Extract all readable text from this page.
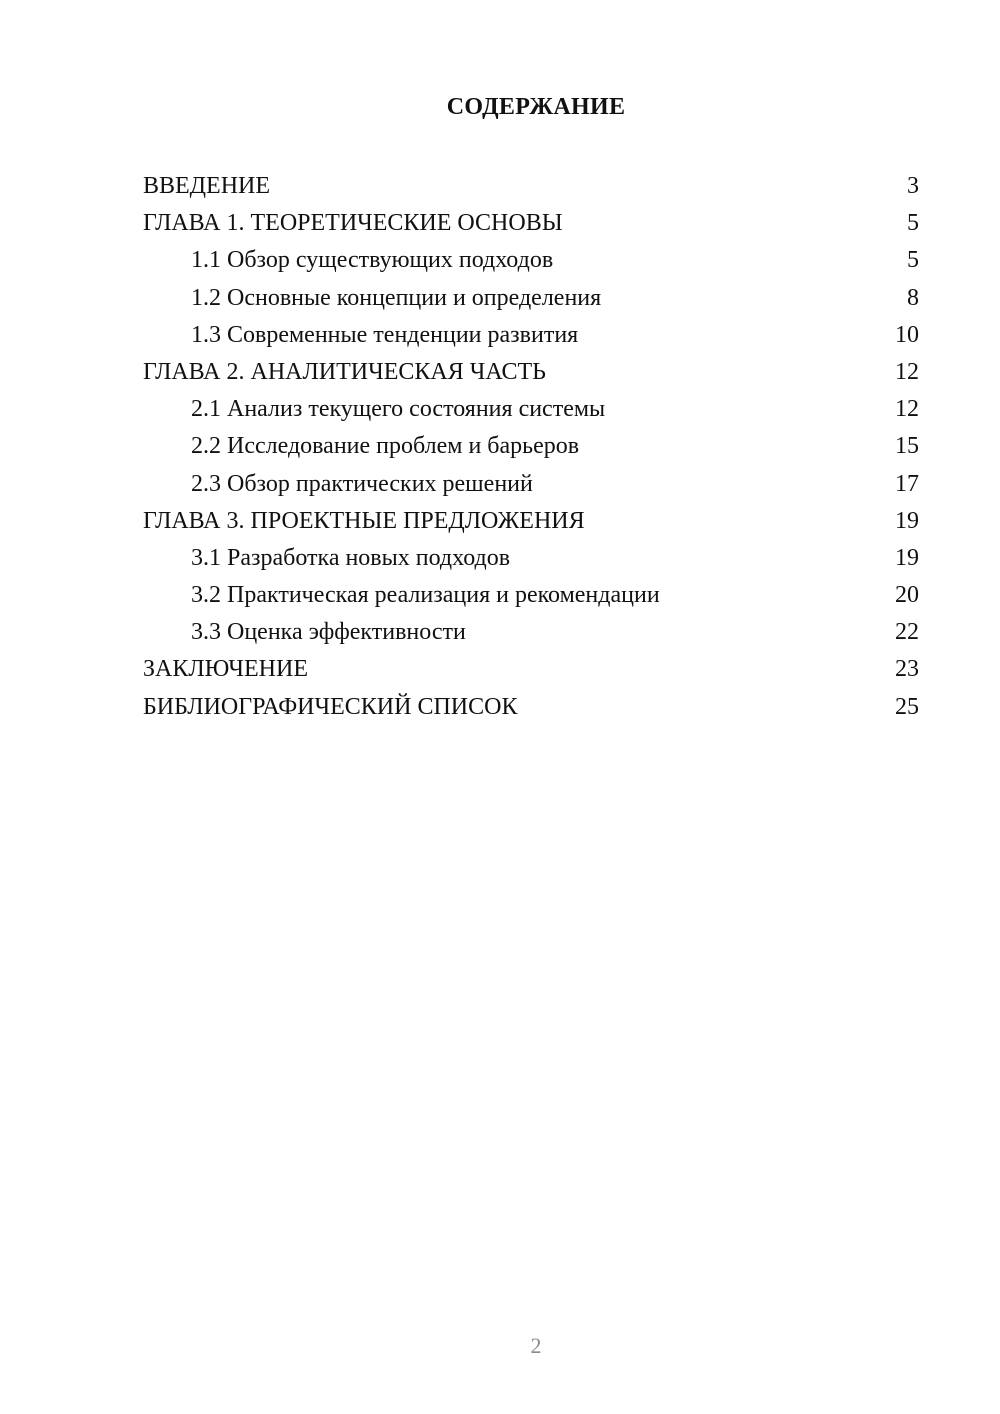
СОДЕРЖАНИЕ
ВВЕДЕНИЕ	3
ГЛАВА 1. ТЕОРЕТИЧЕСКИЕ ОСНОВЫ	5
1.1 Обзор существующих подходов	5
1.2 Основные концепции и определения	8
1.3 Современные тенденции развития	10
ГЛАВА 2. АНАЛИТИЧЕСКАЯ ЧАСТЬ	12
2.1 Анализ текущего состояния системы	12
2.2 Исследование проблем и барьеров	15
2.3 Обзор практических решений	17
ГЛАВА 3. ПРОЕКТНЫЕ ПРЕДЛОЖЕНИЯ	19
3.1 Разработка новых подходов	19
3.2 Практическая реализация и рекомендации	20
3.3 Оценка эффективности	22
ЗАКЛЮЧЕНИЕ	23
БИБЛИОГРАФИЧЕСКИЙ СПИСОК	25
2
